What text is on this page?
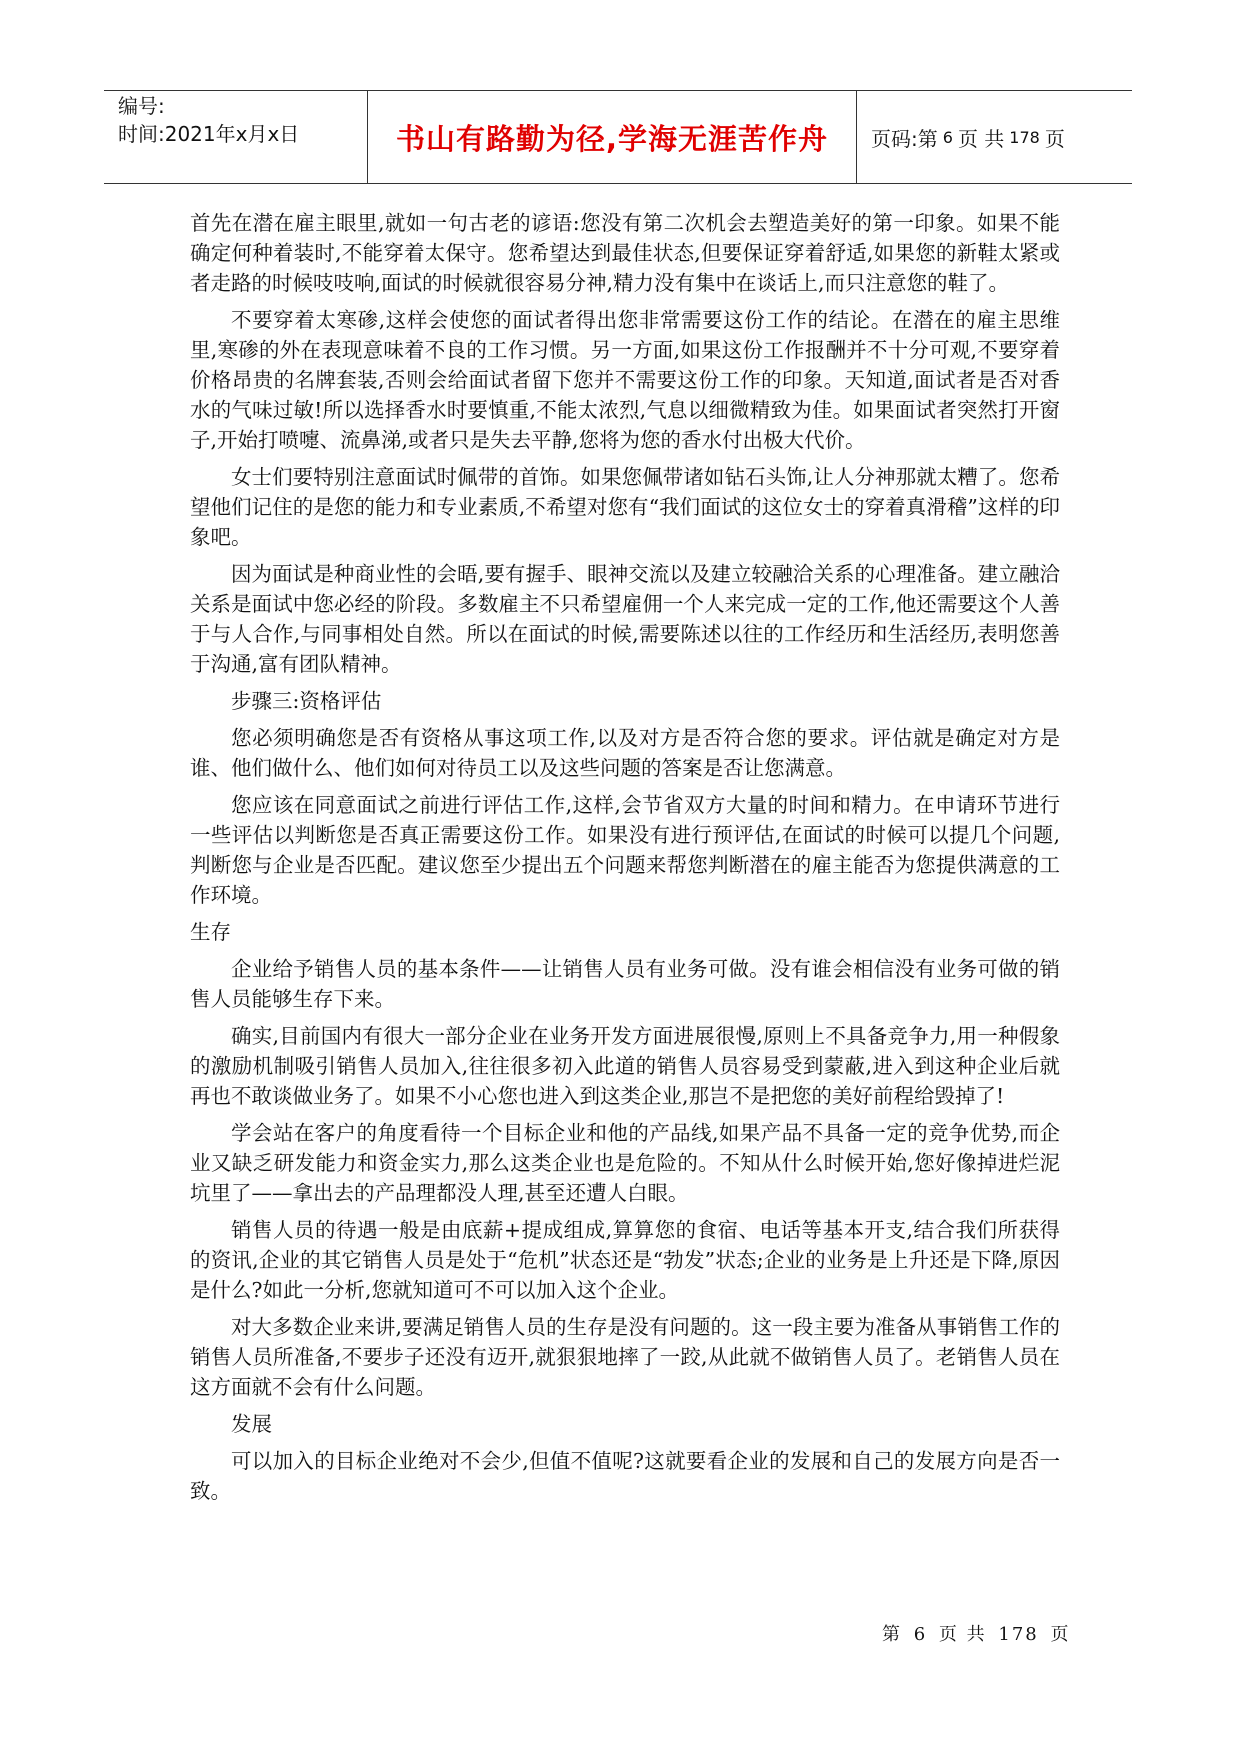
编号:
时间:2021年x月x日	书山有路勤为径,学海无涯苦作舟	页码:第 6 页 共 178 页

首先在潜在雇主眼里,就如一句古老的谚语:您没有第二次机会去塑造美好的第一印象。如果不能确定何种着装时,不能穿着太保守。您希望达到最佳状态,但要保证穿着舒适,如果您的新鞋太紧或者走路的时候吱吱响,面试的时候就很容易分神,精力没有集中在谈话上,而只注意您的鞋了。

不要穿着太寒碜,这样会使您的面试者得出您非常需要这份工作的结论。在潜在的雇主思维里,寒碜的外在表现意味着不良的工作习惯。另一方面,如果这份工作报酬并不十分可观,不要穿着价格昂贵的名牌套装,否则会给面试者留下您并不需要这份工作的印象。天知道,面试者是否对香水的气味过敏!所以选择香水时要慎重,不能太浓烈,气息以细微精致为佳。如果面试者突然打开窗子,开始打喷嚏、流鼻涕,或者只是失去平静,您将为您的香水付出极大代价。

女士们要特别注意面试时佩带的首饰。如果您佩带诸如钻石头饰,让人分神那就太糟了。您希望他们记住的是您的能力和专业素质,不希望对您有“我们面试的这位女士的穿着真滑稽”这样的印象吧。

因为面试是种商业性的会晤,要有握手、眼神交流以及建立较融洽关系的心理准备。建立融洽关系是面试中您必经的阶段。多数雇主不只希望雇佣一个人来完成一定的工作,他还需要这个人善于与人合作,与同事相处自然。所以在面试的时候,需要陈述以往的工作经历和生活经历,表明您善于沟通,富有团队精神。

步骤三:资格评估

您必须明确您是否有资格从事这项工作,以及对方是否符合您的要求。评估就是确定对方是谁、他们做什么、他们如何对待员工以及这些问题的答案是否让您满意。

您应该在同意面试之前进行评估工作,这样,会节省双方大量的时间和精力。在申请环节进行一些评估以判断您是否真正需要这份工作。如果没有进行预评估,在面试的时候可以提几个问题,判断您与企业是否匹配。建议您至少提出五个问题来帮您判断潜在的雇主能否为您提供满意的工作环境。

生存

企业给予销售人员的基本条件——让销售人员有业务可做。没有谁会相信没有业务可做的销售人员能够生存下来。

确实,目前国内有很大一部分企业在业务开发方面进展很慢,原则上不具备竞争力,用一种假象的激励机制吸引销售人员加入,往往很多初入此道的销售人员容易受到蒙蔽,进入到这种企业后就再也不敢谈做业务了。如果不小心您也进入到这类企业,那岂不是把您的美好前程给毁掉了!

学会站在客户的角度看待一个目标企业和他的产品线,如果产品不具备一定的竞争优势,而企业又缺乏研发能力和资金实力,那么这类企业也是危险的。不知从什么时候开始,您好像掉进烂泥坑里了——拿出去的产品理都没人理,甚至还遭人白眼。

销售人员的待遇一般是由底薪+提成组成,算算您的食宿、电话等基本开支,结合我们所获得的资讯,企业的其它销售人员是处于“危机”状态还是“勃发”状态;企业的业务是上升还是下降,原因是什么?如此一分析,您就知道可不可以加入这个企业。

对大多数企业来讲,要满足销售人员的生存是没有问题的。这一段主要为准备从事销售工作的销售人员所准备,不要步子还没有迈开,就狠狠地摔了一跤,从此就不做销售人员了。老销售人员在这方面就不会有什么问题。

发展

可以加入的目标企业绝对不会少,但值不值呢?这就要看企业的发展和自己的发展方向是否一致。

第 6 页 共 178 页
